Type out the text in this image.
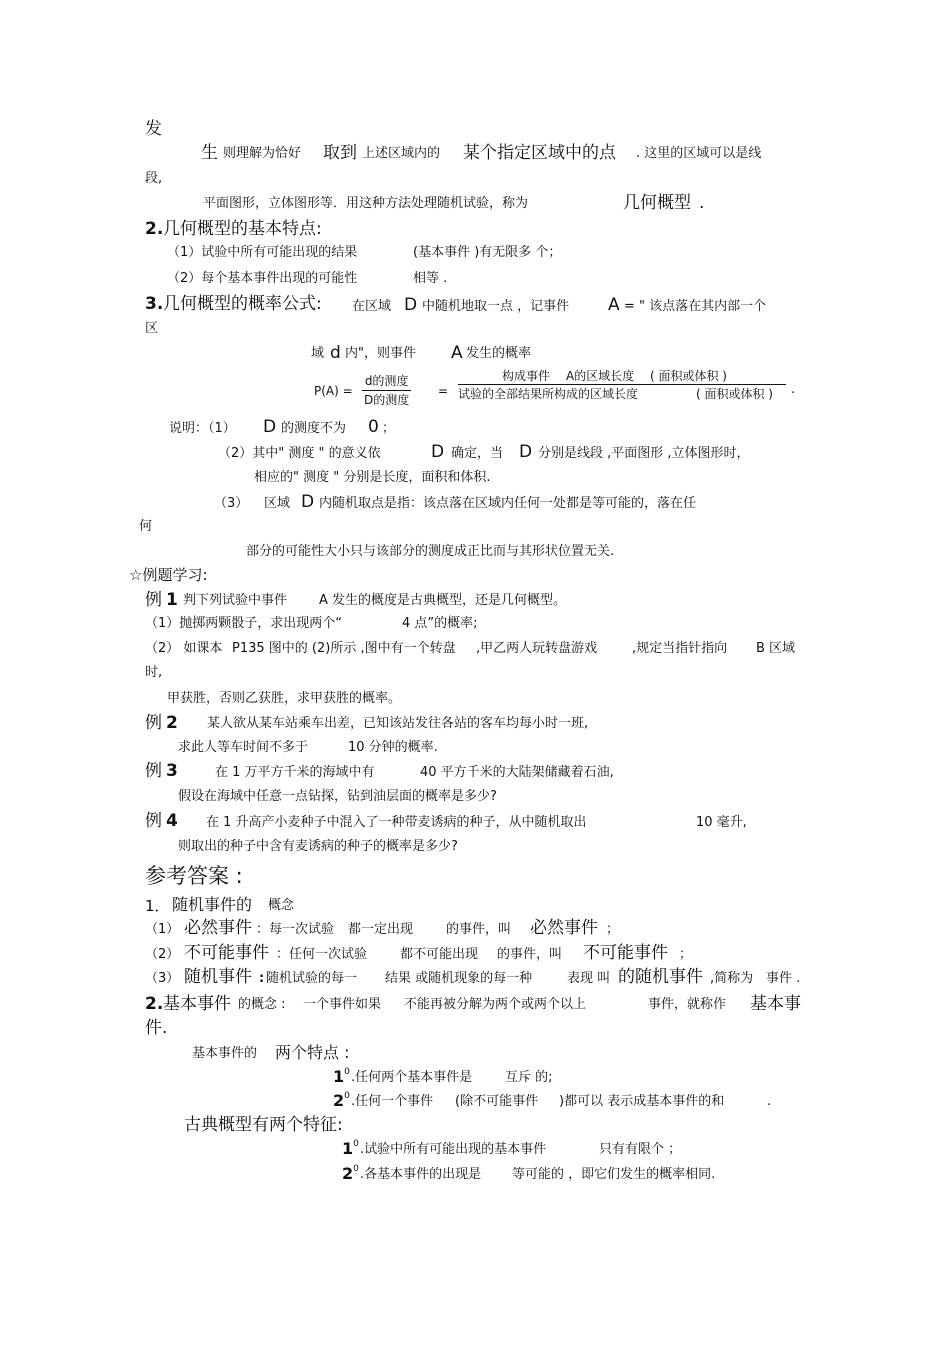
发
生 则理解为恰好 取到 上述区域内的 某个指定区域中的点 . 这里的区域可以是线
段,
平面图形，立体图形等．用这种方法处理随机试验，称为	几何概型 .
2. 几何概型的基本特点:
（1）试验中所有可能出现的结果	(基本事件 )有无限多 个；
（2）每个基本事件出现的可能性	相等 .
3. 几何概型的概率公式: 在区域 D 中随机地取一点 ，记事件 A = " 该点落在其内部一个
区
域 d 内"，则事件 A 发生的概率
P(A) =
d的测度
D的测度
=
构成事件 A的区域长度 ( 面积或体积 )
试验的全部结果所构成的区域长度	( 面积或体积 ) .
说明：（1） D 的测度不为 0 ；
（2）其中" 测度 " 的意义依	D 确定，当 D 分别是线段 ,平面图形 ,立体图形时，
相应的" 测度 " 分别是长度，面积和体积.
（3） 区域 D 内随机取点是指：该点落在区域内任何一处都是等可能的，落在任
何
部分的可能性大小只与该部分的测度成正比而与其形状位置无关.
☆例题学习:
例 1 判下列试验中事件 A 发生的概度是古典概型，还是几何概型。
（1）抛掷两颗骰子，求出现两个“	4 点”的概率;
（2） 如课本 P135 图中的 (2)所示 ,图中有一个转盘 ,甲乙两人玩转盘游戏	,规定当指针指向 B 区域
时,
甲获胜，否则乙获胜，求甲获胜的概率。
例 2 某人欲从某车站乘车出差，已知该站发往各站的客车均每小时一班,
求此人等车时间不多于	10 分钟的概率.
例 3	在 1 万平方千米的海域中有	40 平方千米的大陆架储藏着石油,
假设在海域中任意一点钻探，钻到油层面的概率是多少?
例 4 在 1 升高产小麦种子中混入了一种带麦诱病的种子，从中随机取出	10 毫升,
则取出的种子中含有麦诱病的种子的概率是多少?
参考答案 :
1． 随机事件的 概念
（1） 必然事件 ：每一次试验 都一定出现	的事件，叫 必然事件 ；
（2） 不可能事件 ：任何一次试验	都不可能出现 的事件，叫 不可能事件 ；
（3） 随机事件 : 随机试验的每一 结果 或随机现象的每一种	表现 叫 的随机事件 ,简称为 事件 .
2. 基本事件 的概念 : 一个事件如果 不能再被分解为两个或两个以上	事件，就称作 基本事
件.
基本事件的 两个特点 :
$1^0$ .任何两个基本事件是	互斥 的;
$2^0$ .任何一个事件 (除不可能事件 )都可以 表示成基本事件的和	.
古典概型有两个特征:
$1^0$ .试验中所有可能出现的基本事件	只有有限个 ；
$2^0$ .各基本事件的出现是 等可能的 ，即它们发生的概率相同.
